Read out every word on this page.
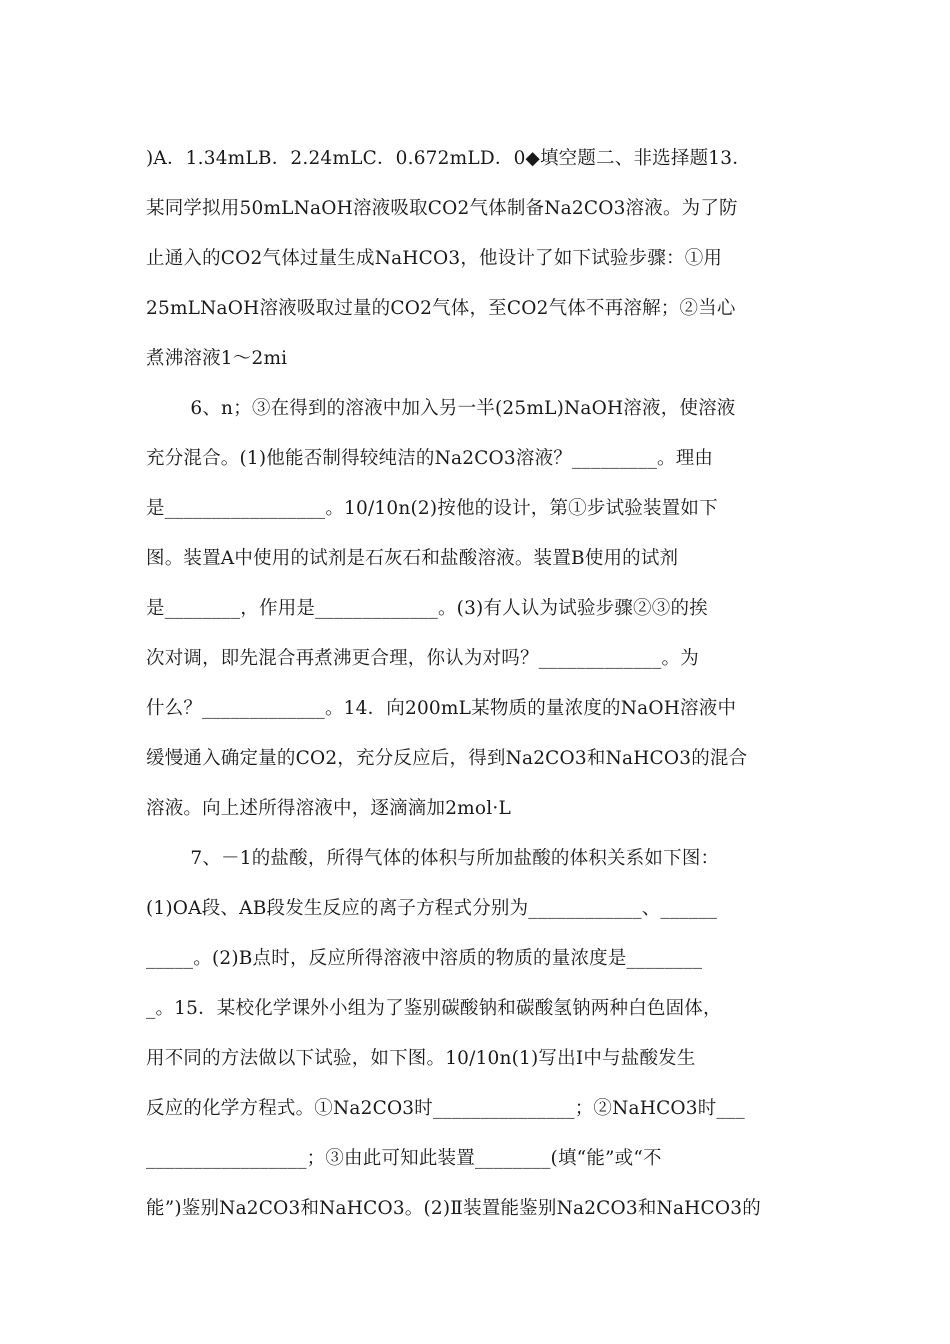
)A．1.34mLB．2.24mLC．0.672mLD．0◆填空题二、非选择题13．
某同学拟用50mLNaOH溶液吸取CO2气体制备Na2CO3溶液。为了防
止通入的CO2气体过量生成NaHCO3，他设计了如下试验步骤：①用
25mLNaOH溶液吸取过量的CO2气体，至CO2气体不再溶解；②当心
煮沸溶液1～2mi

6、n；③在得到的溶液中加入另一半(25mL)NaOH溶液，使溶液
充分混合。(1)他能否制得较纯洁的Na2CO3溶液？_________。理由
是_________________。10/10n(2)按他的设计，第①步试验装置如下
图。装置A中使用的试剂是石灰石和盐酸溶液。装置B使用的试剂
是________，作用是_____________。(3)有人认为试验步骤②③的挨
次对调，即先混合再煮沸更合理，你认为对吗？_____________。为
什么？_____________。14．向200mL某物质的量浓度的NaOH溶液中
缓慢通入确定量的CO2，充分反应后，得到Na2CO3和NaHCO3的混合
溶液。向上述所得溶液中，逐滴滴加2mol·L

7、－1的盐酸，所得气体的体积与所加盐酸的体积关系如下图：
(1)OA段、AB段发生反应的离子方程式分别为____________、______
_____。(2)B点时，反应所得溶液中溶质的物质的量浓度是________
_。15．某校化学课外小组为了鉴别碳酸钠和碳酸氢钠两种白色固体，
用不同的方法做以下试验，如下图。10/10n(1)写出Ⅰ中与盐酸发生
反应的化学方程式。①Na2CO3时_______________；②NaHCO3时___
_________________；③由此可知此装置________(填“能”或“不
能”)鉴别Na2CO3和NaHCO3。(2)Ⅱ装置能鉴别Na2CO3和NaHCO3的
